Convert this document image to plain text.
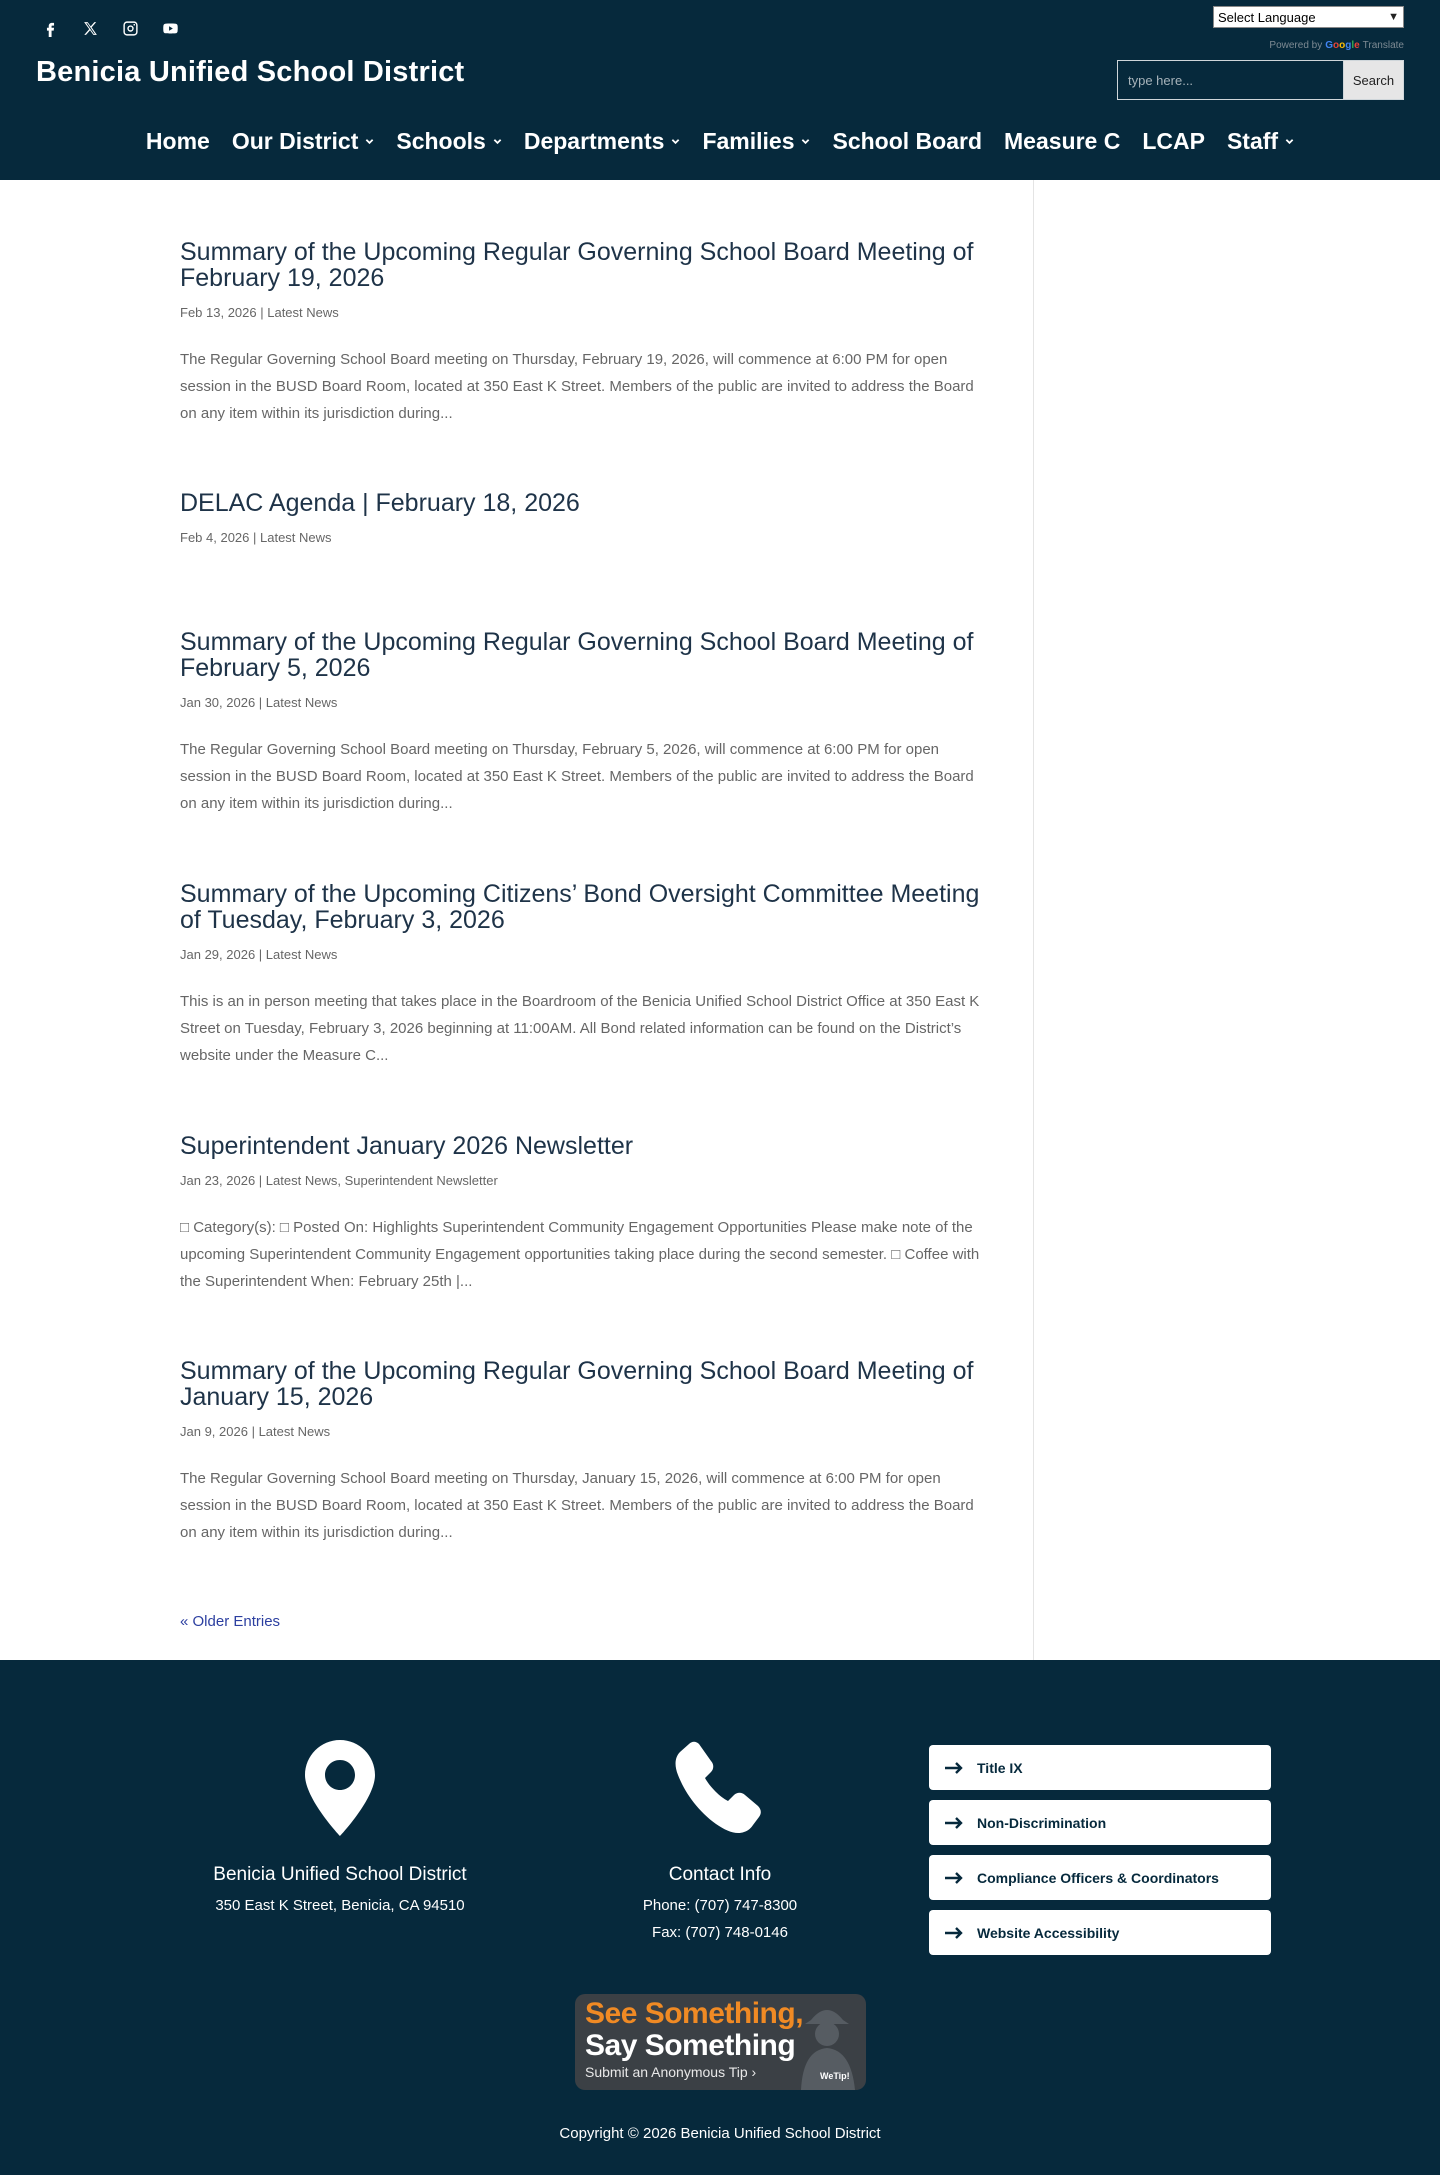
Benicia Unified School District
Select Language	▼
Powered by Google Translate
type here...
Search
Home Our District Schools Departments Families School Board Measure C LCAP Staff
Summary of the Upcoming Regular Governing School Board Meeting of February 19, 2026
Feb 13, 2026 | Latest News
The Regular Governing School Board meeting on Thursday, February 19, 2026, will commence at 6:00 PM for open session in the BUSD Board Room, located at 350 East K Street. Members of the public are invited to address the Board on any item within its jurisdiction during...
DELAC Agenda | February 18, 2026
Feb 4, 2026 | Latest News
Summary of the Upcoming Regular Governing School Board Meeting of February 5, 2026
Jan 30, 2026 | Latest News
The Regular Governing School Board meeting on Thursday, February 5, 2026, will commence at 6:00 PM for open session in the BUSD Board Room, located at 350 East K Street. Members of the public are invited to address the Board on any item within its jurisdiction during...
Summary of the Upcoming Citizens’ Bond Oversight Committee Meeting of Tuesday, February 3, 2026
Jan 29, 2026 | Latest News
This is an in person meeting that takes place in the Boardroom of the Benicia Unified School District Office at 350 East K Street on Tuesday, February 3, 2026 beginning at 11:00AM. All Bond related information can be found on the District’s website under the Measure C...
Superintendent January 2026 Newsletter
Jan 23, 2026 | Latest News, Superintendent Newsletter
□ Category(s): □ Posted On: Highlights Superintendent Community Engagement Opportunities Please make note of the upcoming Superintendent Community Engagement opportunities taking place during the second semester. □ Coffee with the Superintendent When: February 25th |...
Summary of the Upcoming Regular Governing School Board Meeting of January 15, 2026
Jan 9, 2026 | Latest News
The Regular Governing School Board meeting on Thursday, January 15, 2026, will commence at 6:00 PM for open session in the BUSD Board Room, located at 350 East K Street. Members of the public are invited to address the Board on any item within its jurisdiction during...
« Older Entries
Benicia Unified School District
350 East K Street, Benicia, CA 94510
Contact Info
Phone: (707) 747-8300
Fax: (707) 748-0146
Title IX
Non-Discrimination
Compliance Officers & Coordinators
Website Accessibility
See Something,
Say Something
Submit an Anonymous Tip ›	WeTip!
Copyright © 2026 Benicia Unified School District
